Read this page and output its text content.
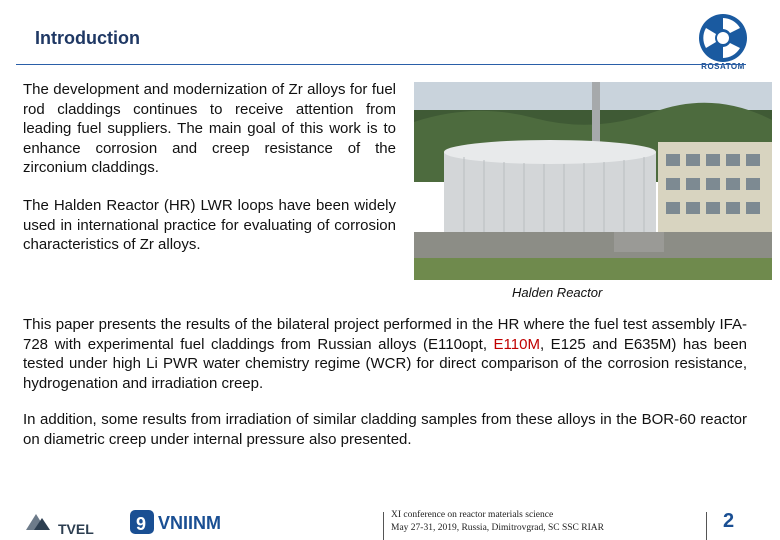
Introduction
ROSATOM
The development and modernization of Zr alloys for fuel rod claddings continues to receive attention from leading fuel suppliers. The main goal of this work is to enhance corrosion and creep resistance of the zirconium claddings.
The Halden Reactor (HR) LWR loops have been widely used in international practice for evaluating of corrosion characteristics of Zr alloys.
Halden Reactor
This paper presents the results of the bilateral project performed in the HR where the fuel test assembly IFA-728 with experimental fuel claddings from Russian alloys (E110opt, E110M, E125 and E635M) has been tested under high Li PWR water chemistry regime (WCR) for direct comparison of the corrosion resistance, hydrogenation and irradiation creep.
In addition, some results from irradiation of similar cladding samples from these alloys in the BOR-60 reactor on diametric creep under internal pressure also presented.
TVEL 9 VNIINM	XI conference on reactor materials science
May 27-31, 2019, Russia, Dimitrovgrad, SC SSC RIAR	2
